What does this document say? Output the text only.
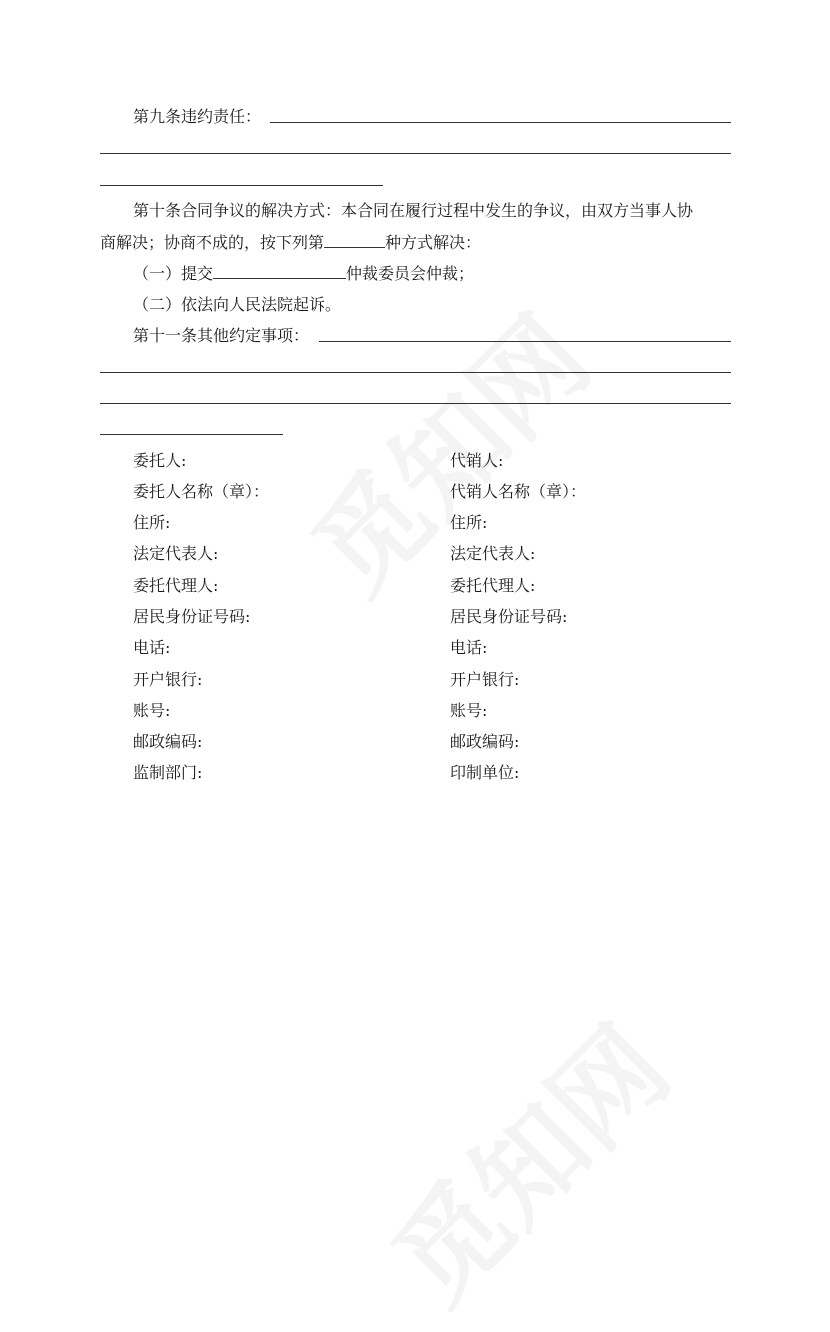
第九条违约责任：
第十条合同争议的解决方式：本合同在履行过程中发生的争议，由双方当事人协
商解决；协商不成的，按下列第	种方式解决：
（一）提交	仲裁委员会仲裁；
（二）依法向人民法院起诉。
第十一条其他约定事项：
委托人:
委托人名称（章）：
住所:
法定代表人:
委托代理人:
居民身份证号码:
电话:
开户银行:
账号:
邮政编码:
监制部门:
代销人:
代销人名称（章）：
住所:
法定代表人:
委托代理人:
居民身份证号码:
电话:
开户银行:
账号:
邮政编码:
印制单位:
